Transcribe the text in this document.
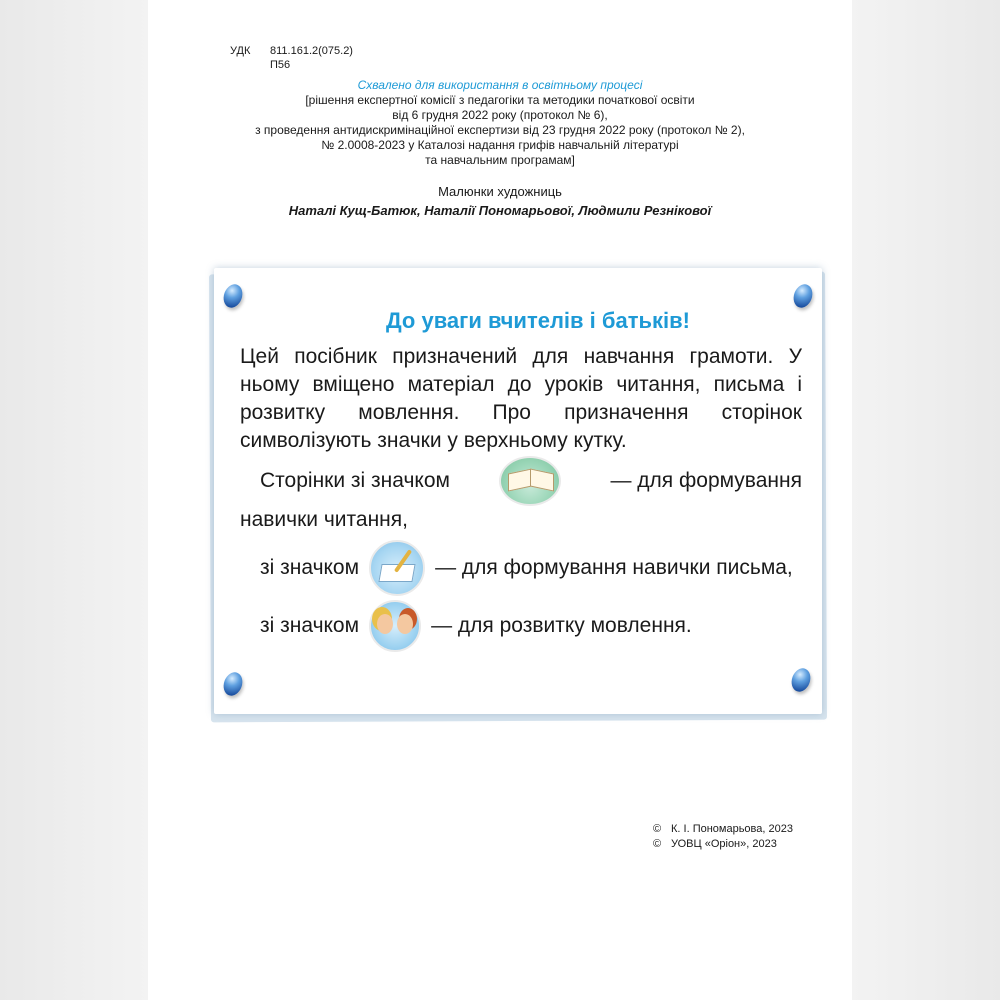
УДК	811.161.2(075.2)
П56
Схвалено для використання в освітньому процесі
[рішення експертної комісії з педагогіки та методики початкової освіти
від 6 грудня 2022 року (протокол № 6),
з проведення антидискримінаційної експертизи від 23 грудня 2022 року (протокол № 2),
№ 2.0008-2023 у Каталозі надання грифів навчальній літературі
та навчальним програмам]
Малюнки художниць
Наталі Кущ-Батюк, Наталії Пономарьової, Людмили Резнікової
До уваги вчителів і батьків!
Цей посібник призначений для навчання грамоти. У ньому вміщено матеріал до уроків читання, письма і розвитку мовлення. Про призначення сторінок символізують значки у верхньому кутку.
Сторінки зі значком	— для формування
навички читання,
зі значком	— для формування навички письма,
зі значком	— для розвитку мовлення.
© К. І. Пономарьова, 2023
© УОВЦ «Оріон», 2023
